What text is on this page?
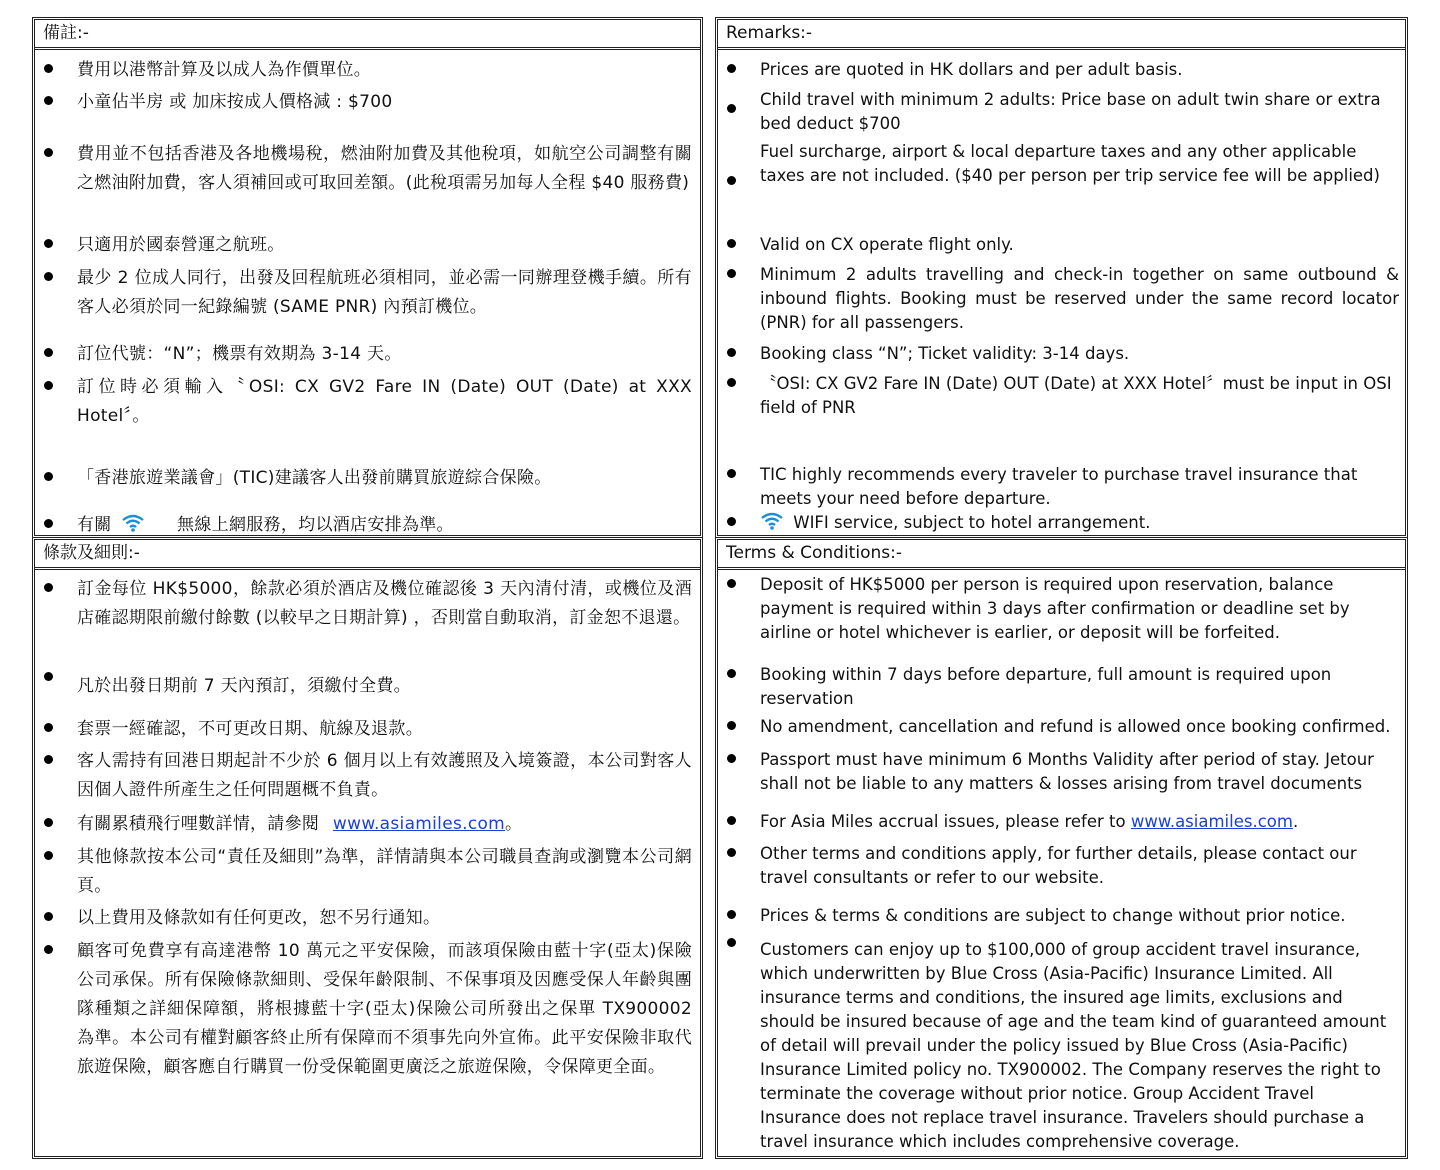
備註:-
費用以港幣計算及以成人為作價單位。
小童佔半房 或 加床按成人價格減 : $700
費用並不包括香港及各地機場稅，燃油附加費及其他稅項，如航空公司調整有關之燃油附加費，客人須補回或可取回差額。(此稅項需另加每人全程 $40 服務費)
只適用於國泰營運之航班。
最少 2 位成人同行，出發及回程航班必須相同，並必需一同辦理登機手續。所有客人必須於同一紀錄編號 (SAME PNR) 內預訂機位。
訂位代號：“N”；機票有效期為 3-14 天。
訂位時必須輸入〝OSI: CX GV2 Fare IN (Date) OUT (Date) at XXX Hotel〞。
「香港旅遊業議會」(TIC)建議客人出發前購買旅遊綜合保險。
有關	無線上網服務，均以酒店安排為準。
Remarks:-
Prices are quoted in HK dollars and per adult basis.
Child travel with minimum 2 adults: Price base on adult twin share or extra bed deduct $700
Fuel surcharge, airport & local departure taxes and any other applicable taxes are not included. ($40 per person per trip service fee will be applied)
Valid on CX operate flight only.
Minimum 2 adults travelling and check-in together on same outbound & inbound flights. Booking must be reserved under the same record locator (PNR) for all passengers.
Booking class “N”; Ticket validity: 3-14 days.
〝OSI: CX GV2 Fare IN (Date) OUT (Date) at XXX Hotel〞must be input in OSI field of PNR
TIC highly recommends every traveler to purchase travel insurance that meets your need before departure.
WIFI service, subject to hotel arrangement.
條款及細則:-
訂金每位 HK$5000，餘款必須於酒店及機位確認後 3 天內清付清，或機位及酒店確認期限前繳付餘數 (以較早之日期計算) ，否則當自動取消，訂金恕不退還。
凡於出發日期前 7 天內預訂，須繳付全費。
套票一經確認，不可更改日期、航線及退款。
客人需持有回港日期起計不少於 6 個月以上有效護照及入境簽證，本公司對客人因個人證件所產生之任何問題概不負責。
有關累積飛行哩數詳情，請參閱 www.asiamiles.com。
其他條款按本公司“責任及細則”為準，詳情請與本公司職員查詢或瀏覽本公司網頁。
以上費用及條款如有任何更改，恕不另行通知。
顧客可免費享有高達港幣 10 萬元之平安保險，而該項保險由藍十字(亞太)保險公司承保。所有保險條款細則、受保年齡限制、不保事項及因應受保人年齡與團隊種類之詳細保障額，將根據藍十字(亞太)保險公司所發出之保單 TX900002 為準。本公司有權對顧客終止所有保障而不須事先向外宣佈。此平安保險非取代旅遊保險，顧客應自行購買一份受保範圍更廣泛之旅遊保險，令保障更全面。
Terms & Conditions:-
Deposit of HK$5000 per person is required upon reservation, balance payment is required within 3 days after confirmation or deadline set by airline or hotel whichever is earlier, or deposit will be forfeited.
Booking within 7 days before departure, full amount is required upon reservation
No amendment, cancellation and refund is allowed once booking confirmed.
Passport must have minimum 6 Months Validity after period of stay. Jetour shall not be liable to any matters & losses arising from travel documents
For Asia Miles accrual issues, please refer to www.asiamiles.com.
Other terms and conditions apply, for further details, please contact our travel consultants or refer to our website.
Prices & terms & conditions are subject to change without prior notice.
Customers can enjoy up to $100,000 of group accident travel insurance, which underwritten by Blue Cross (Asia-Pacific) Insurance Limited. All insurance terms and conditions, the insured age limits, exclusions and should be insured because of age and the team kind of guaranteed amount of detail will prevail under the policy issued by Blue Cross (Asia-Pacific) Insurance Limited policy no. TX900002. The Company reserves the right to terminate the coverage without prior notice. Group Accident Travel Insurance does not replace travel insurance. Travelers should purchase a travel insurance which includes comprehensive coverage.
